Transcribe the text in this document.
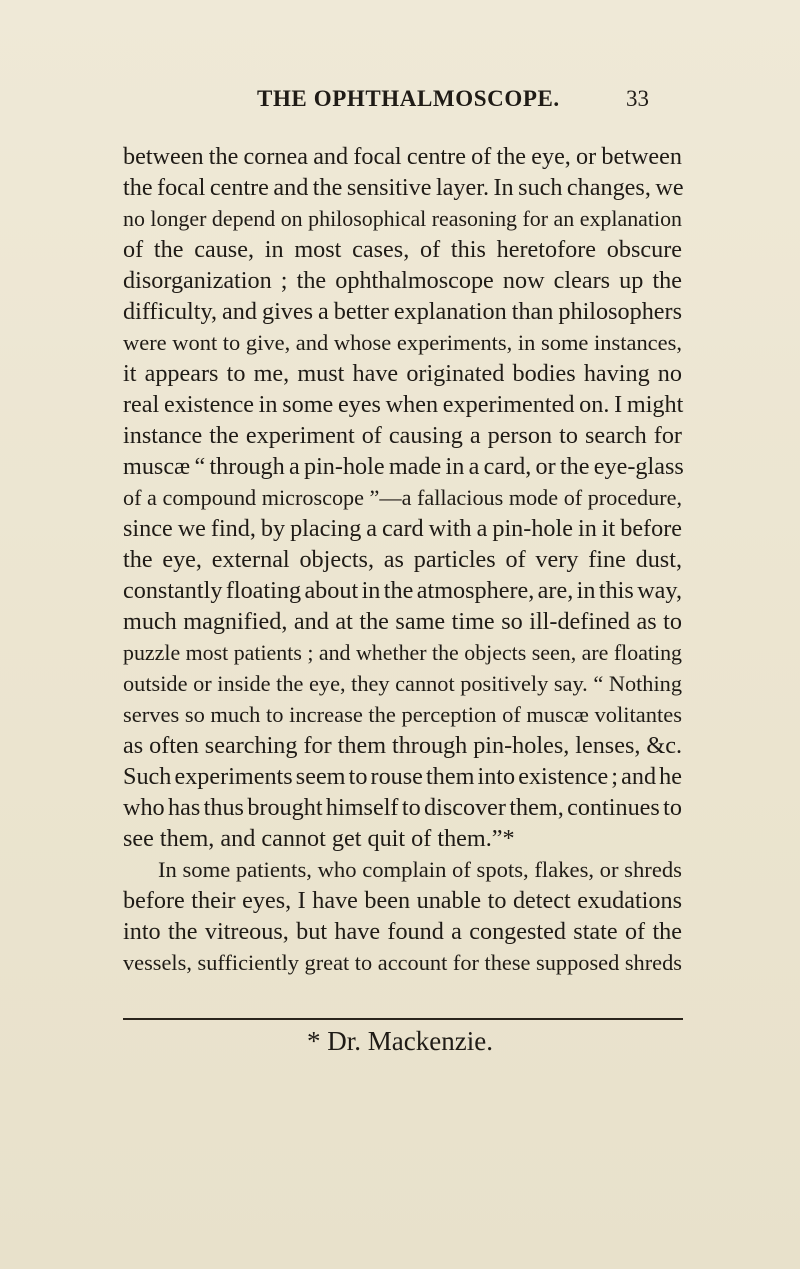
THE OPHTHALMOSCOPE.	33
between the cornea and focal centre of the eye, or between
the focal centre and the sensitive layer. In such changes, we
no longer depend on philosophical reasoning for an explanation
of the cause, in most cases, of this heretofore obscure
disorganization ; the ophthalmoscope now clears up the
difficulty, and gives a better explanation than philosophers
were wont to give, and whose experiments, in some instances,
it appears to me, must have originated bodies having no
real existence in some eyes when experimented on. I might
instance the experiment of causing a person to search for
muscæ “ through a pin-hole made in a card, or the eye-glass
of a compound microscope ”—a fallacious mode of procedure,
since we find, by placing a card with a pin-hole in it before
the eye, external objects, as particles of very fine dust,
constantly floating about in the atmosphere, are, in this way,
much magnified, and at the same time so ill-defined as to
puzzle most patients ; and whether the objects seen, are floating
outside or inside the eye, they cannot positively say. “ Nothing
serves so much to increase the perception of muscæ volitantes
as often searching for them through pin-holes, lenses, &c.
Such experiments seem to rouse them into existence ; and he
who has thus brought himself to discover them, continues to
see them, and cannot get quit of them.”*
In some patients, who complain of spots, flakes, or shreds
before their eyes, I have been unable to detect exudations
into the vitreous, but have found a congested state of the
vessels, sufficiently great to account for these supposed shreds
* Dr. Mackenzie.
